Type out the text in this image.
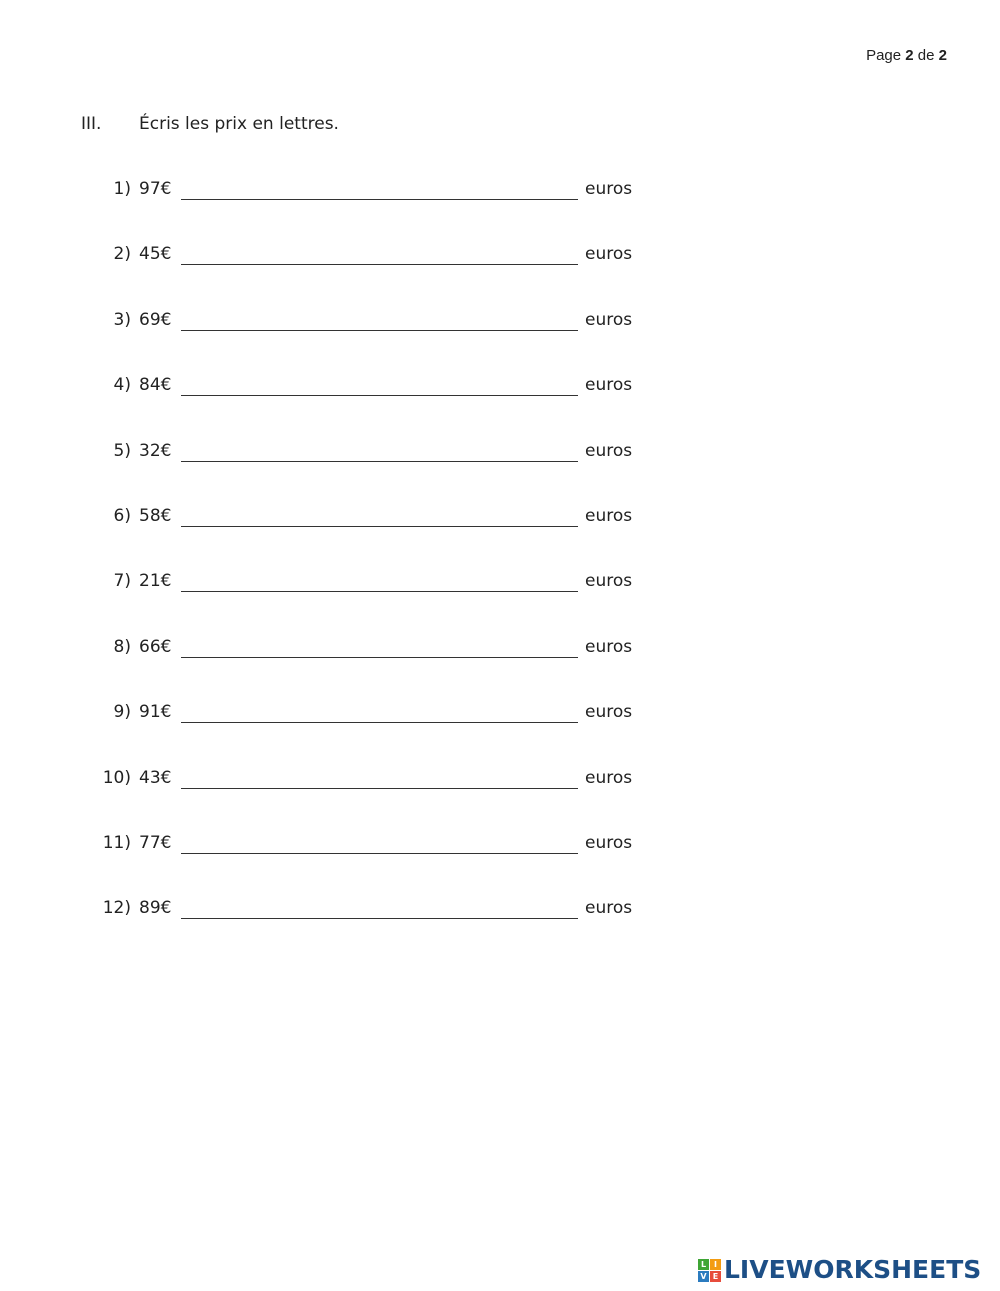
Page 2 de 2
III. Écris les prix en lettres.
1) 97€	euros
2) 45€	euros
3) 69€	euros
4) 84€	euros
5) 32€	euros
6) 58€	euros
7) 21€	euros
8) 66€	euros
9) 91€	euros
10) 43€	euros
11) 77€	euros
12) 89€	euros
L I
V E LIVEWORKSHEETS
